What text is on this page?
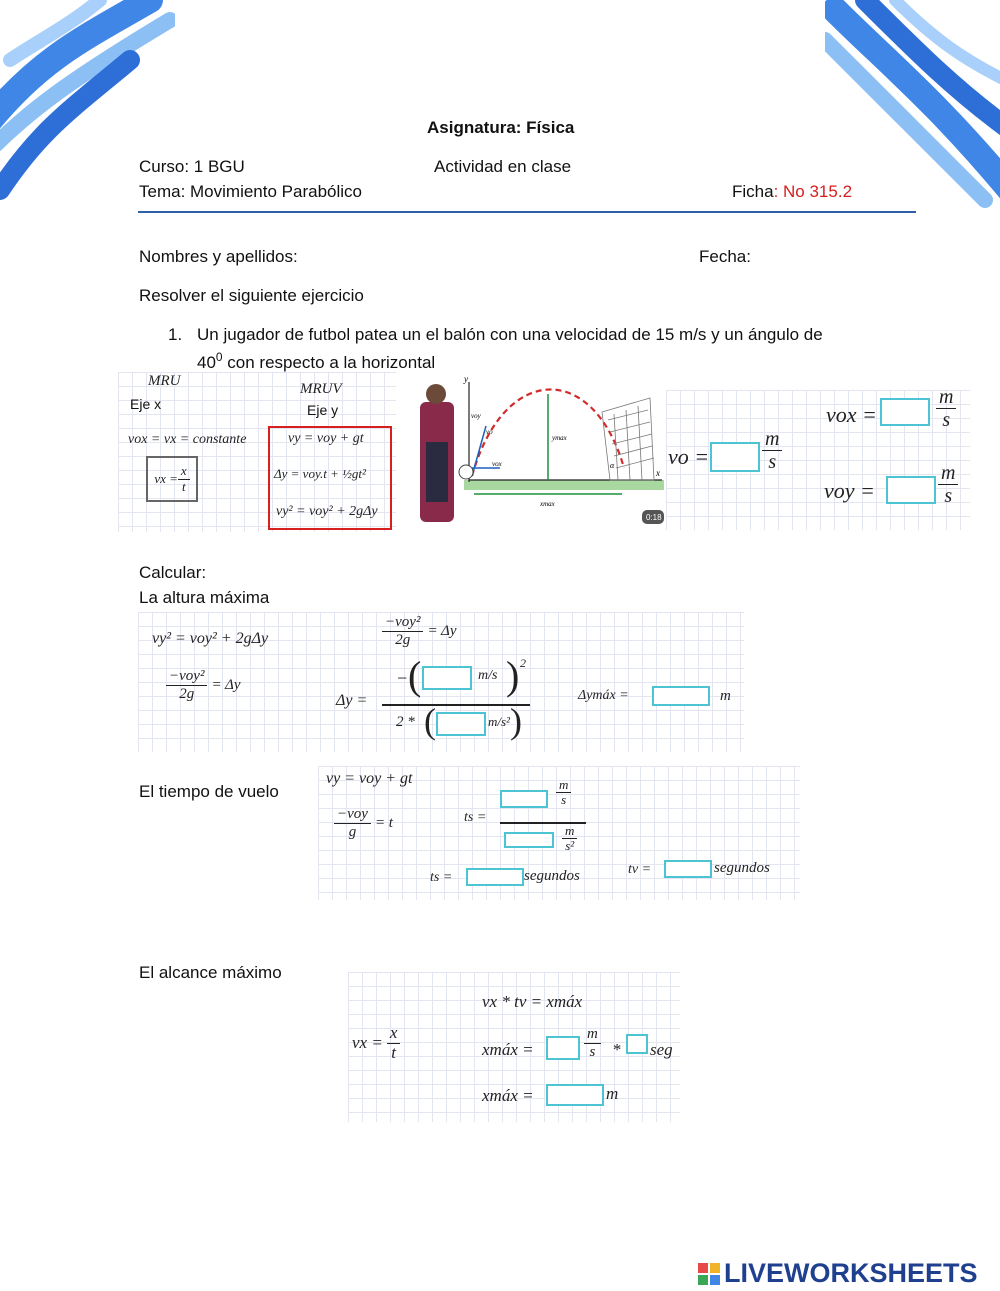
Asignatura: Física
Curso: 1 BGU	Actividad en clase
Tema: Movimiento Parabólico	Ficha: No 315.2
Nombres y apellidos:	Fecha:
Resolver el siguiente ejercicio
1. Un jugador de futbol patea un el balón con una velocidad de 15 m/s y un ángulo de
$40^0$ con respecto a la horizontal
MRU
Eje x
MRUV
Eje y
vox = vx = constante
vx = $\frac{x}{t}$
vy = voy + gt
Δy = voy.t + ½gt²
vy² = voy² + 2gΔy
y
x
ymax
xmax
vo
voy
vox	α
0:18
vo =	$\frac{m}{s}$
vox =	$\frac{m}{s}$
voy =	$\frac{m}{s}$
Calcular:
La altura máxima
vy² = voy² + 2gΔy	$\frac{\text{−voy²}}{2g} = \Delta y$
$\frac{\text{−voy²}}{2g} = \Delta y$
Δy =
− (	m/s ) 2
2 * (	m/s² )
Δymáx =	m
El tiempo de vuelo
vy = voy + gt
$\frac{\text{−voy}}{g} = t$	ts =
$\frac{m}{s}$
$\frac{m}{\text{s²}}$
ts =	segundos	tv =	segundos
El alcance máximo
vx = $\frac{x}{t}$
vx * tv = xmáx
xmáx =	$\frac{m}{s}$ * seg
xmáx =	m
LIVEWORKSHEETS
